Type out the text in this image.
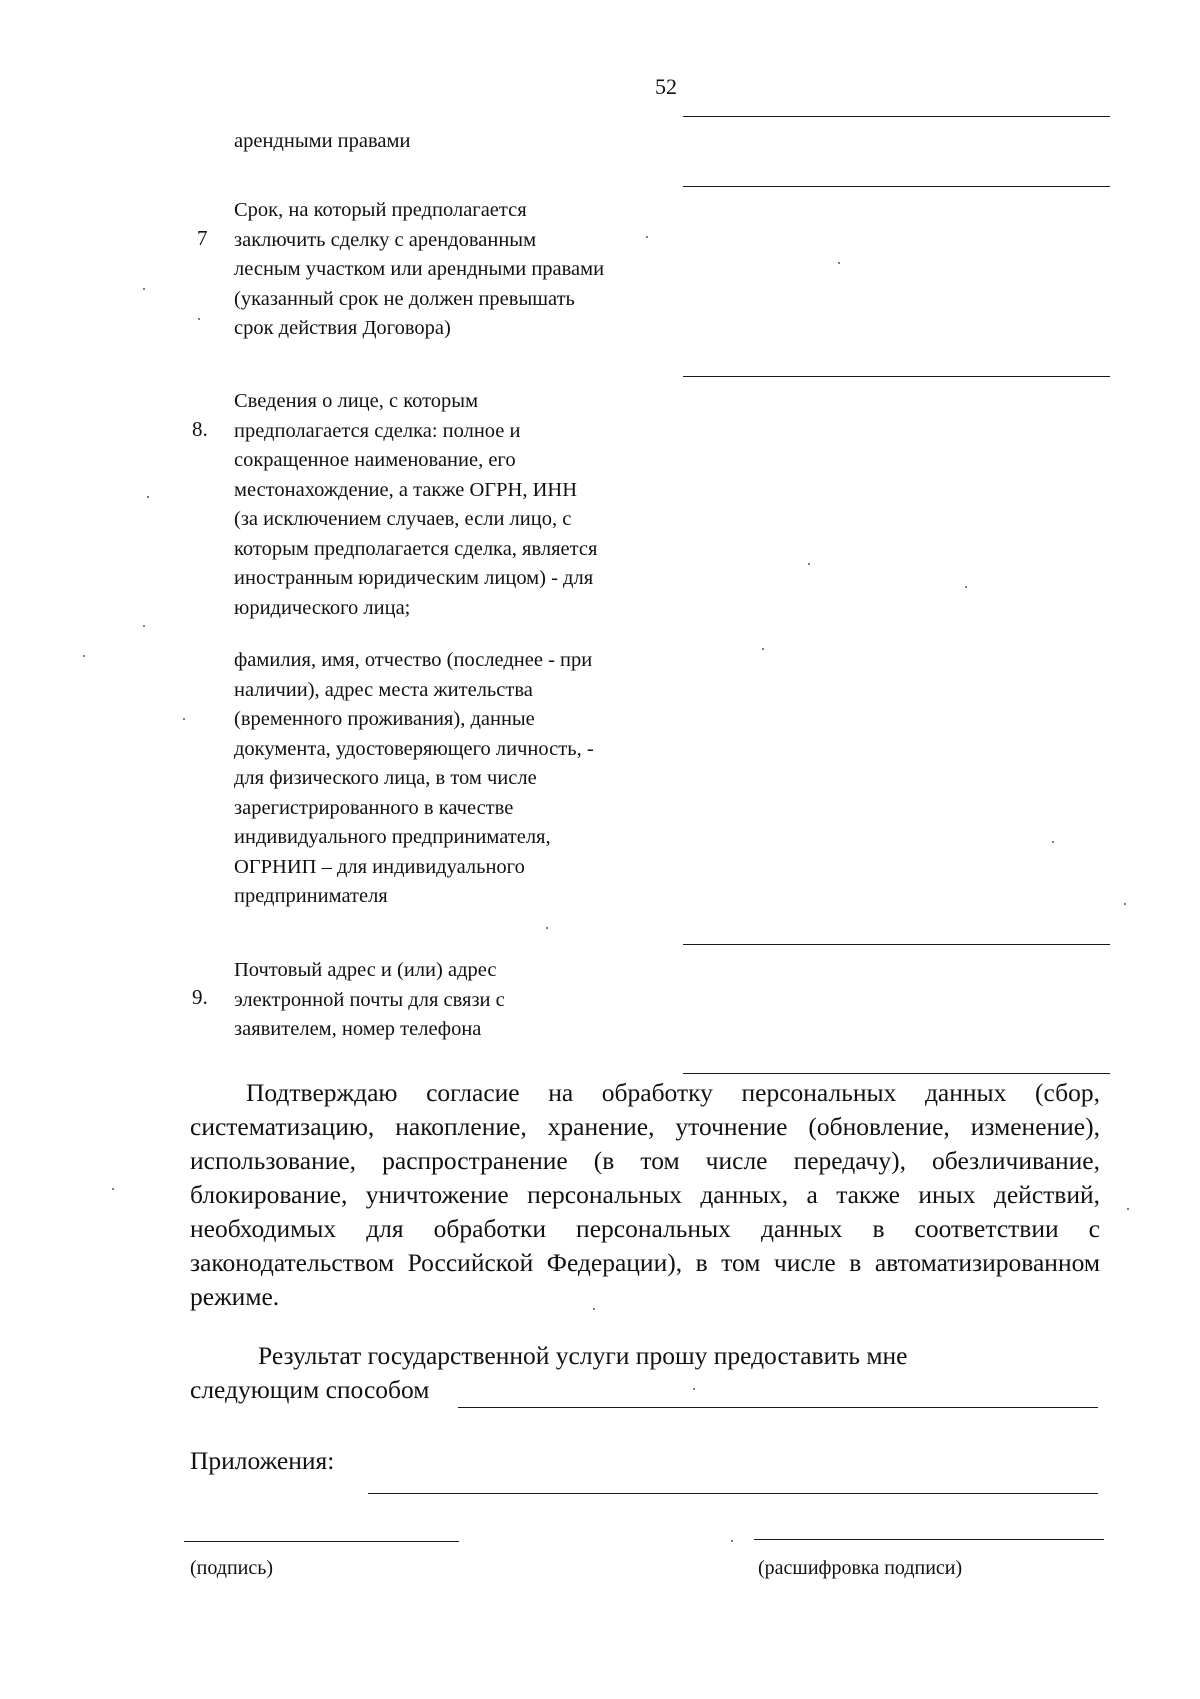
52
арендными правами
7
Срок, на который предполагается
заключить сделку с арендованным
лесным участком или арендными правами
(указанный срок не должен превышать
срок действия Договора)
8.
Сведения о лице, с которым
предполагается сделка: полное и
сокращенное наименование, его
местонахождение, а также ОГРН, ИНН
(за исключением случаев, если лицо, с
которым предполагается сделка, является
иностранным юридическим лицом) - для
юридического лица;
фамилия, имя, отчество (последнее - при
наличии), адрес места жительства
(временного проживания), данные
документа, удостоверяющего личность, -
для физического лица, в том числе
зарегистрированного в качестве
индивидуального предпринимателя,
ОГРНИП – для индивидуального
предпринимателя
9.
Почтовый адрес и (или) адрес
электронной почты для связи с
заявителем, номер телефона
Подтверждаю согласие на обработку персональных данных (сбор, систематизацию, накопление, хранение, уточнение (обновление, изменение), использование, распространение (в том числе передачу), обезличивание, блокирование, уничтожение персональных данных, а также иных действий, необходимых для обработки персональных данных в соответствии с законодательством Российской Федерации), в том числе в автоматизированном режиме.
Результат государственной услуги прошу предоставить мне
следующим способом
Приложения:
(подпись)	(расшифровка подписи)
